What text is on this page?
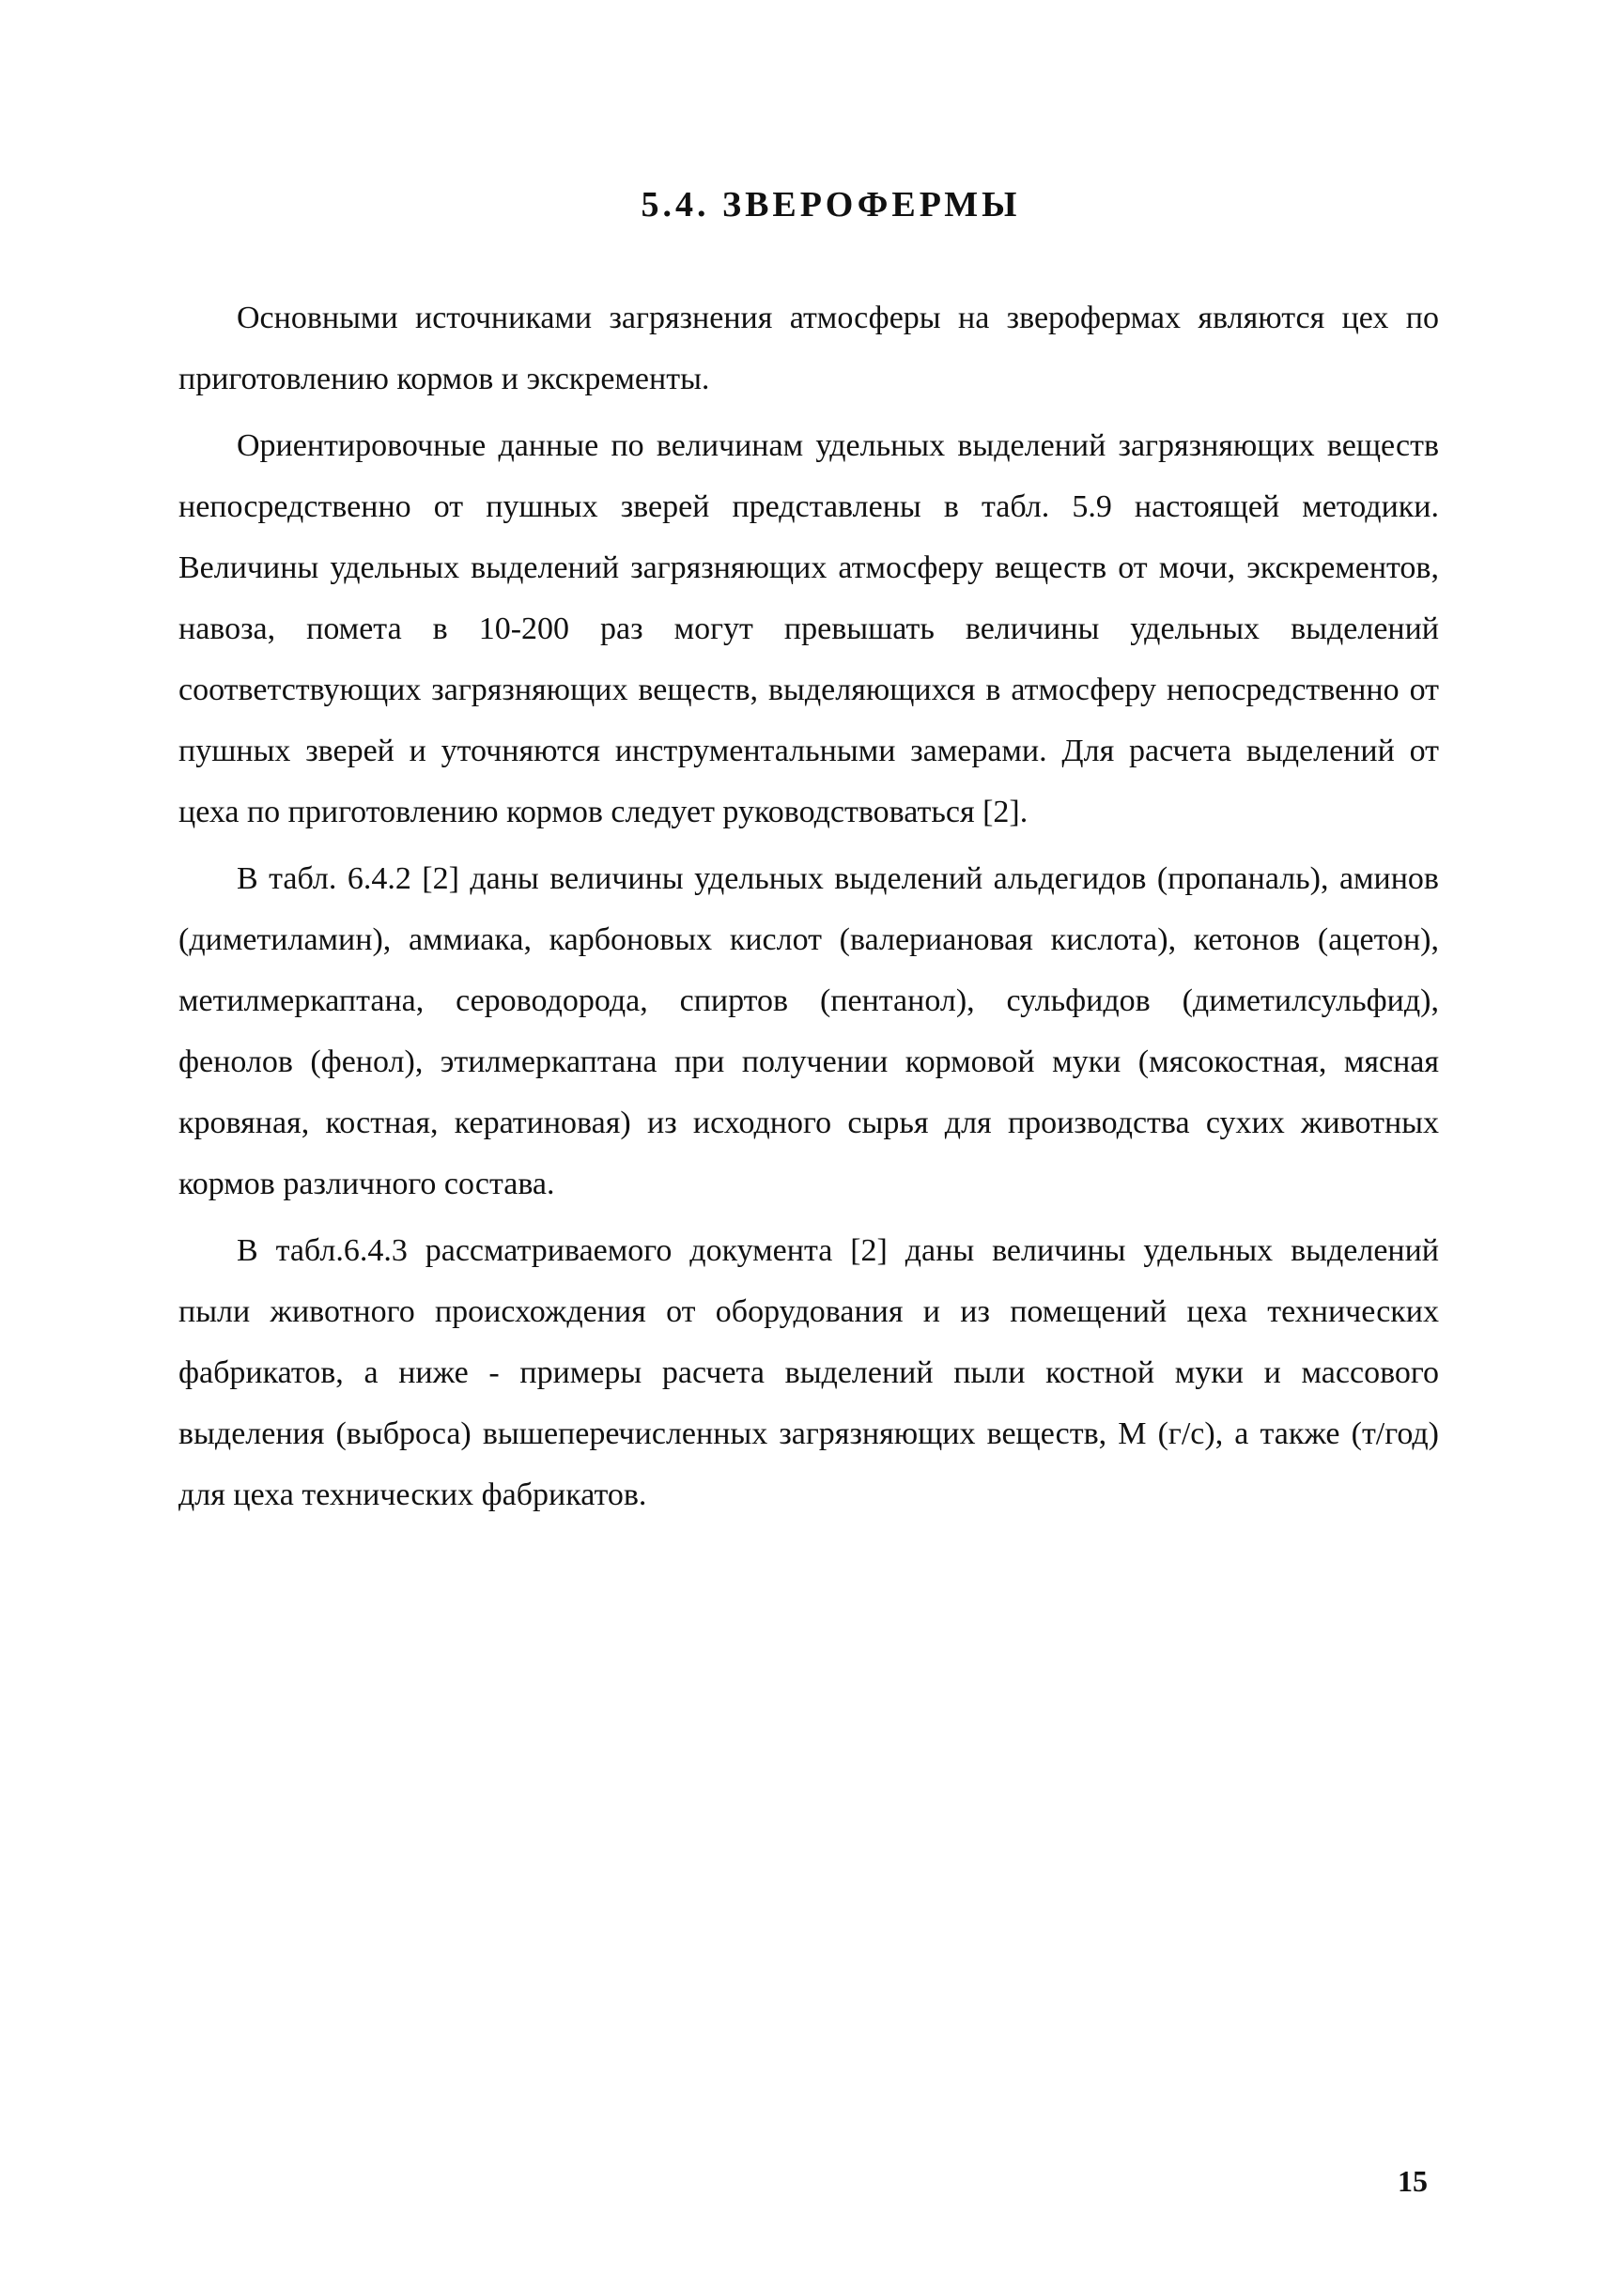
5.4. ЗВЕРОФЕРМЫ

Основными источниками загрязнения атмосферы на зверофермах являются цех по приготовлению кормов и экскременты.

Ориентировочные данные по величинам удельных выделений загрязняющих веществ непосредственно от пушных зверей представлены в табл. 5.9 настоящей методики. Величины удельных выделений загрязняющих атмосферу веществ от мочи, экскрементов, навоза, помета в 10-200 раз могут превышать величины удельных выделений соответствующих загрязняющих веществ, выделяющихся в атмосферу непосредственно от пушных зверей и уточняются инструментальными замерами. Для расчета выделений от цеха по приготовлению кормов следует руководствоваться [2].

В табл. 6.4.2 [2] даны величины удельных выделений альдегидов (пропаналь), аминов (диметиламин), аммиака, карбоновых кислот (валериановая кислота), кетонов (ацетон), метилмеркаптана, сероводорода, спиртов (пентанол), сульфидов (диметилсульфид), фенолов (фенол), этилмеркаптана при получении кормовой муки (мясокостная, мясная кровяная, костная, кератиновая) из исходного сырья для производства сухих животных кормов различного состава.

В табл.6.4.3 рассматриваемого документа [2] даны величины удельных выделений пыли животного происхождения от оборудования и из помещений цеха технических фабрикатов, а ниже - примеры расчета выделений пыли костной муки и массового выделения (выброса) вышеперечисленных загрязняющих веществ, М (г/с), а также (т/год) для цеха технических фабрикатов.

15
